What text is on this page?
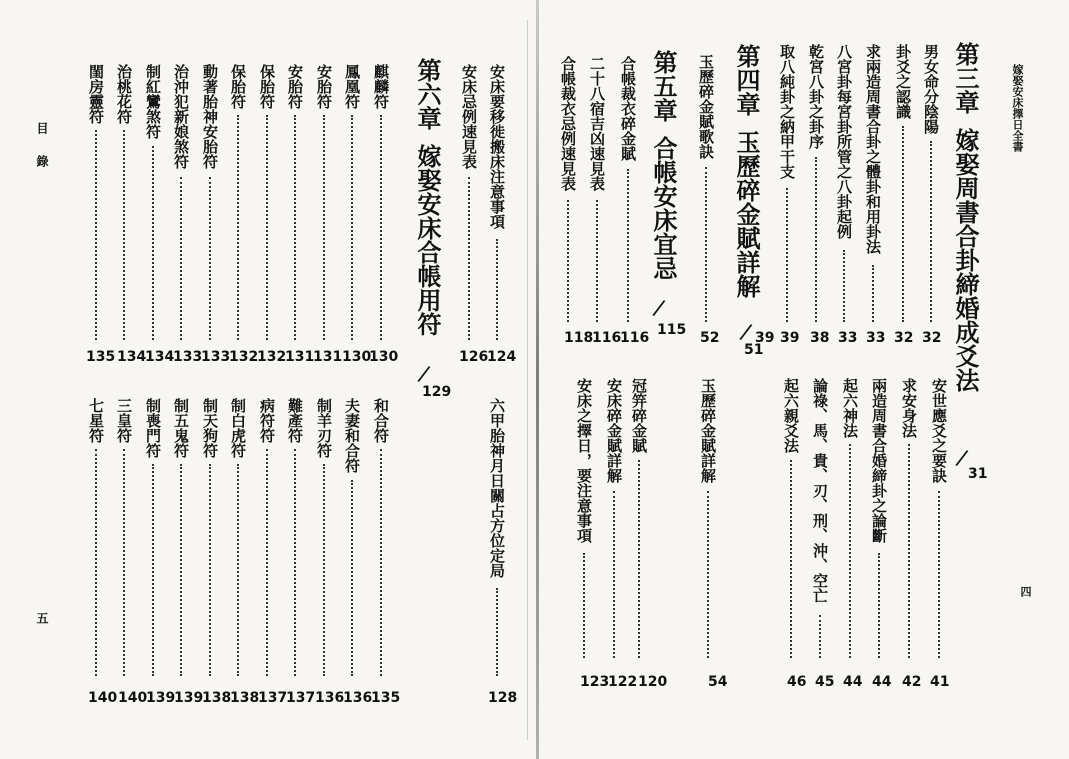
目
錄
嫁娶安床擇日全書
五
四
男女命分陰陽
32
卦爻之認識
32
求兩造周書合卦之體卦和用卦法
33
八宮卦每宮卦所管之八卦起例
33
乾宮八卦之卦序
38
取八純卦之納甲干支
39
39
玉歷碎金賦歌訣
52
合帳裁衣碎金賦
116
二十八宿吉凶速見表
116
合帳裁衣忌例速見表
118
安世應爻之要訣
41
求安身法
42
兩造周書合婚締卦之論斷
44
起六神法
44
論祿、馬、貴、刃、刑、沖、空亡
45
起六親爻法
46
玉歷碎金賦詳解
54
冠笄碎金賦
120
安床碎金賦詳解
122
安床之擇日，要注意事項
123
安床要移徙搬床注意事項
124
安床忌例速見表
126
麒麟符
130
鳳凰符
130
安胎符
131
安胎符
131
保胎符
132
保胎符
132
動著胎神安胎符
133
治沖犯新娘煞符
133
制紅鸞煞符
134
治桃花符
134
閨房靈符
135
六甲胎神月日關占方位定局
128
和合符
135
夫妻和合符
136
制羊刃符
136
難產符
137
病符符
137
制白虎符
138
制天狗符
138
制五鬼符
139
制喪門符
139
三皇符
140
七星符
140
第三章嫁娶周書合卦締婚成爻法
/
31
第四章玉歷碎金賦詳解
/
51
第五章合帳安床宜忌
/
115
第六章嫁娶安床合帳用符
/
129
